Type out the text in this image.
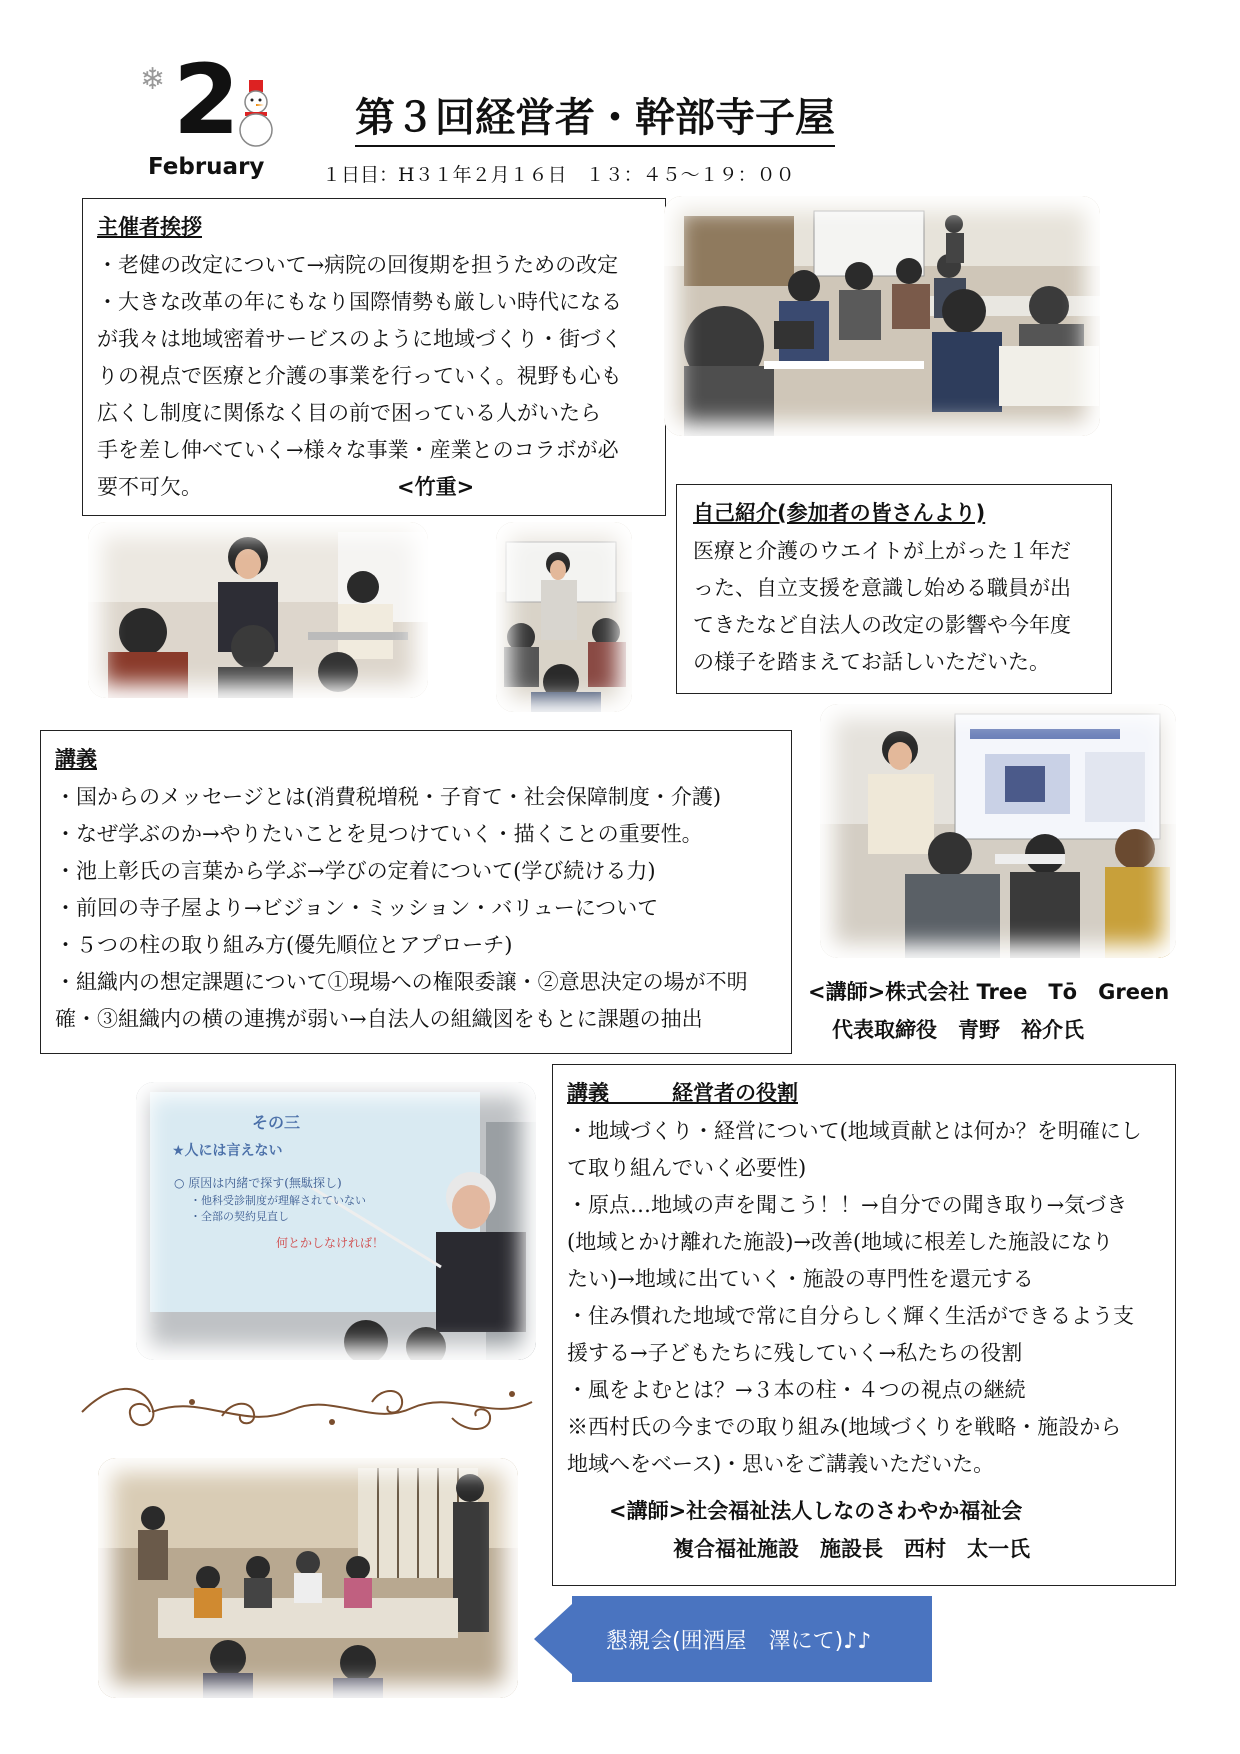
❄ 2
February
第３回経営者・幹部寺子屋
１日目：H３１年２月１６日　１３：４５～１９：００
主催者挨拶

・老健の改定について→病院の回復期を担うための改定

・大きな改革の年にもなり国際情勢も厳しい時代になる

が我々は地域密着サービスのように地域づくり・街づく

りの視点で医療と介護の事業を行っていく。視野も心も

広くし制度に関係なく目の前で困っている人がいたら

手を差し伸べていく→様々な事業・産業とのコラボが必

要不可欠。	<竹重>

自己紹介(参加者の皆さんより)

医療と介護のウエイトが上がった１年だ

った、自立支援を意識し始める職員が出

てきたなど自法人の改定の影響や今年度

の様子を踏まえてお話しいただいた。

講義

・国からのメッセージとは(消費税増税・子育て・社会保障制度・介護)

・なぜ学ぶのか→やりたいことを見つけていく・描くことの重要性。

・池上彰氏の言葉から学ぶ→学びの定着について(学び続ける力)

・前回の寺子屋より→ビジョン・ミッション・バリューについて

・５つの柱の取り組み方(優先順位とアプローチ)

・組織内の想定課題について①現場への権限委譲・②意思決定の場が不明

確・③組織内の横の連携が弱い→自法人の組織図をもとに課題の抽出

<講師>株式会社 Tree　Tō　Green
代表取締役　青野　裕介氏
その三
★人には言えない
○ 原因は内緒で探す(無駄探し)
・他科受診制度が理解されていない
・全部の契約見直し
何とかしなければ！
講義　　　経営者の役割

・地域づくり・経営について(地域貢献とは何か？を明確にし

て取り組んでいく必要性)

・原点…地域の声を聞こう！！→自分での聞き取り→気づき

(地域とかけ離れた施設)→改善(地域に根差した施設になり

たい)→地域に出ていく・施設の専門性を還元する

・住み慣れた地域で常に自分らしく輝く生活ができるよう支

援する→子どもたちに残していく→私たちの役割

・風をよむとは？→３本の柱・４つの視点の継続

※西村氏の今までの取り組み(地域づくりを戦略・施設から

地域へをベース)・思いをご講義いただいた。

<講師>社会福祉法人しなのさわやか福祉会
複合福祉施設　施設長　西村　太一氏
懇親会(囲酒屋　澤にて)♪♪
